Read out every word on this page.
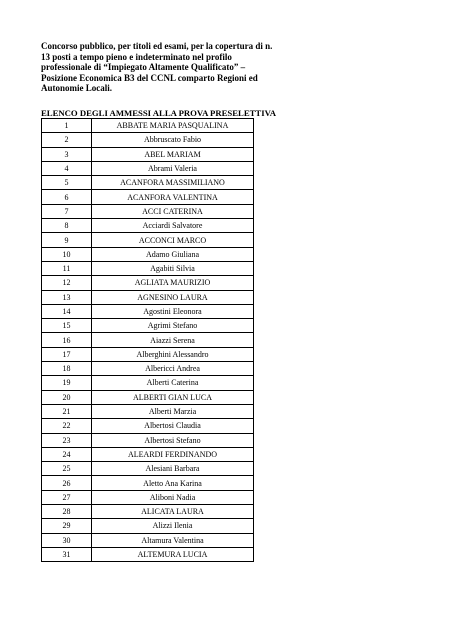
Concorso pubblico, per titoli ed esami, per la copertura di n.
13 posti a tempo pieno e indeterminato nel profilo
professionale di “Impiegato Altamente Qualificato” –
Posizione Economica B3 del CCNL comparto Regioni ed
Autonomie Locali.
ELENCO DEGLI AMMESSI ALLA PROVA PRESELETTIVA
1	ABBATE MARIA PASQUALINA
2	Abbruscato Fabio
3	ABEL MARIAM
4	Abrami Valeria
5	ACANFORA MASSIMILIANO
6	ACANFORA VALENTINA
7	ACCI CATERINA
8	Acciardi Salvatore
9	ACCONCI MARCO
10	Adamo Giuliana
11	Agabiti Silvia
12	AGLIATA MAURIZIO
13	AGNESINO LAURA
14	Agostini Eleonora
15	Agrimi Stefano
16	Aiazzi Serena
17	Alberghini Alessandro
18	Albericci Andrea
19	Alberti Caterina
20	ALBERTI GIAN LUCA
21	Alberti Marzia
22	Albertosi Claudia
23	Albertosi Stefano
24	ALEARDI FERDINANDO
25	Alesiani Barbara
26	Aletto Ana Karina
27	Aliboni Nadia
28	ALICATA LAURA
29	Alizzi Ilenia
30	Altamura Valentina
31	ALTEMURA LUCIA
